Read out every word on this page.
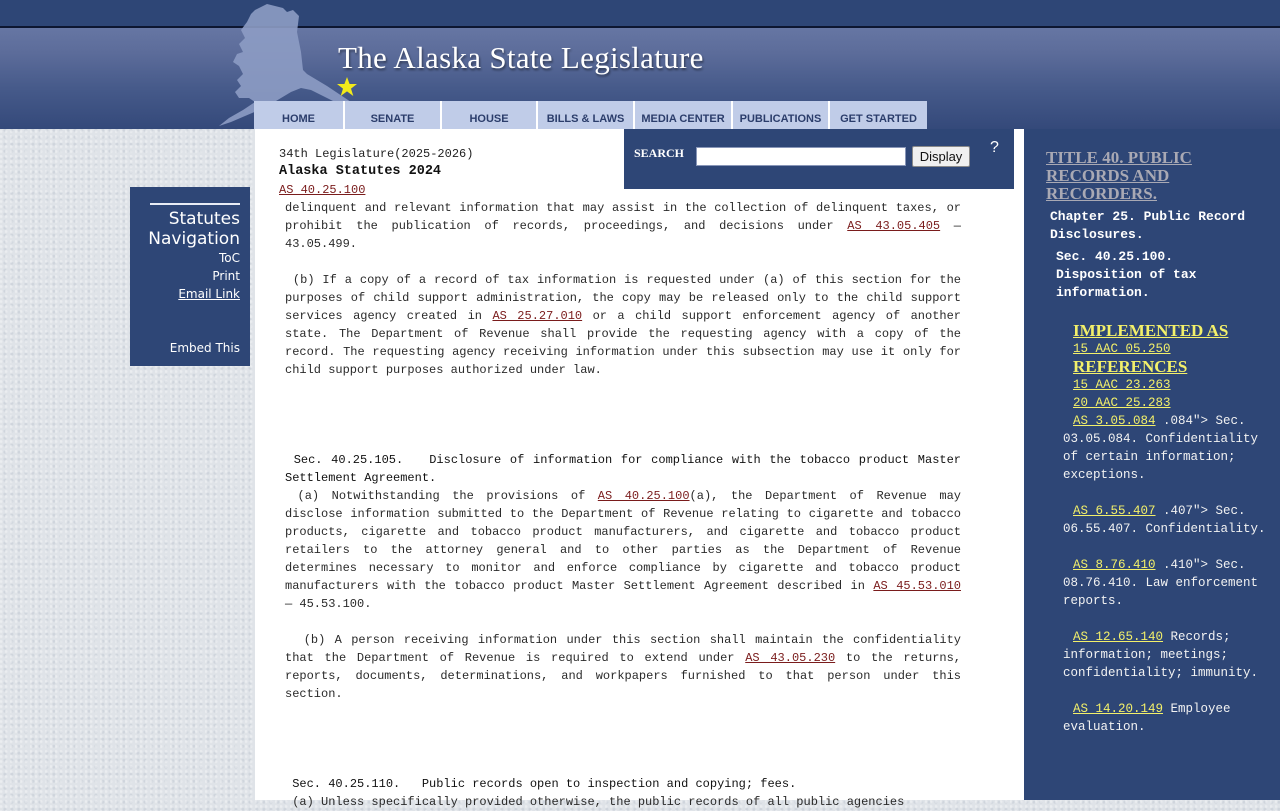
The Alaska State Legislature
HOME	SENATE	HOUSE	BILLS & LAWS MEDIA CENTER PUBLICATIONS GET STARTED
Statutes
Navigation
ToC
Print
Email Link
Embed This
34th Legislature(2025-2026)
Alaska Statutes 2024
AS 40.25.100

delinquent and relevant information that may assist in the collection of delinquent taxes, or prohibit the publication of records, proceedings, and decisions under AS 43.05.405 — 43.05.499.

(b) If a copy of a record of tax information is requested under (a) of this section for the purposes of child support administration, the copy may be released only to the child support services agency created in AS 25.27.010 or a child support enforcement agency of another state. The Department of Revenue shall provide the requesting agency with a copy of the record. The requesting agency receiving information under this subsection may use it only for child support purposes authorized under law.

Sec. 40.25.105.   Disclosure of information for compliance with the tobacco product Master Settlement Agreement.

(a) Notwithstanding the provisions of AS 40.25.100(a), the Department of Revenue may disclose information submitted to the Department of Revenue relating to cigarette and tobacco products, cigarette and tobacco product manufacturers, and cigarette and tobacco product retailers to the attorney general and to other parties as the Department of Revenue determines necessary to monitor and enforce compliance by cigarette and tobacco product manufacturers with the tobacco product Master Settlement Agreement described in AS 45.53.010 — 45.53.100.

(b) A person receiving information under this section shall maintain the confidentiality that the Department of Revenue is required to extend under AS 43.05.230 to the returns, reports, documents, determinations, and workpapers furnished to that person under this section.

Sec. 40.25.110.   Public records open to inspection and copying; fees.

(a) Unless specifically provided otherwise, the public records of all public agencies

SEARCH	Display
?
TITLE 40. PUBLIC RECORDS AND RECORDERS.
Chapter 25. Public Record Disclosures.
Sec. 40.25.100. Disposition of tax information.
IMPLEMENTED AS
15 AAC 05.250
REFERENCES
15 AAC 23.263
20 AAC 25.283
AS 3.05.084 .084"> Sec. 03.05.084. Confidentiality of certain information; exceptions.
AS 6.55.407 .407"> Sec. 06.55.407. Confidentiality.
AS 8.76.410 .410"> Sec. 08.76.410. Law enforcement reports.
AS 12.65.140 Records; information; meetings; confidentiality; immunity.
AS 14.20.149 Employee evaluation.
